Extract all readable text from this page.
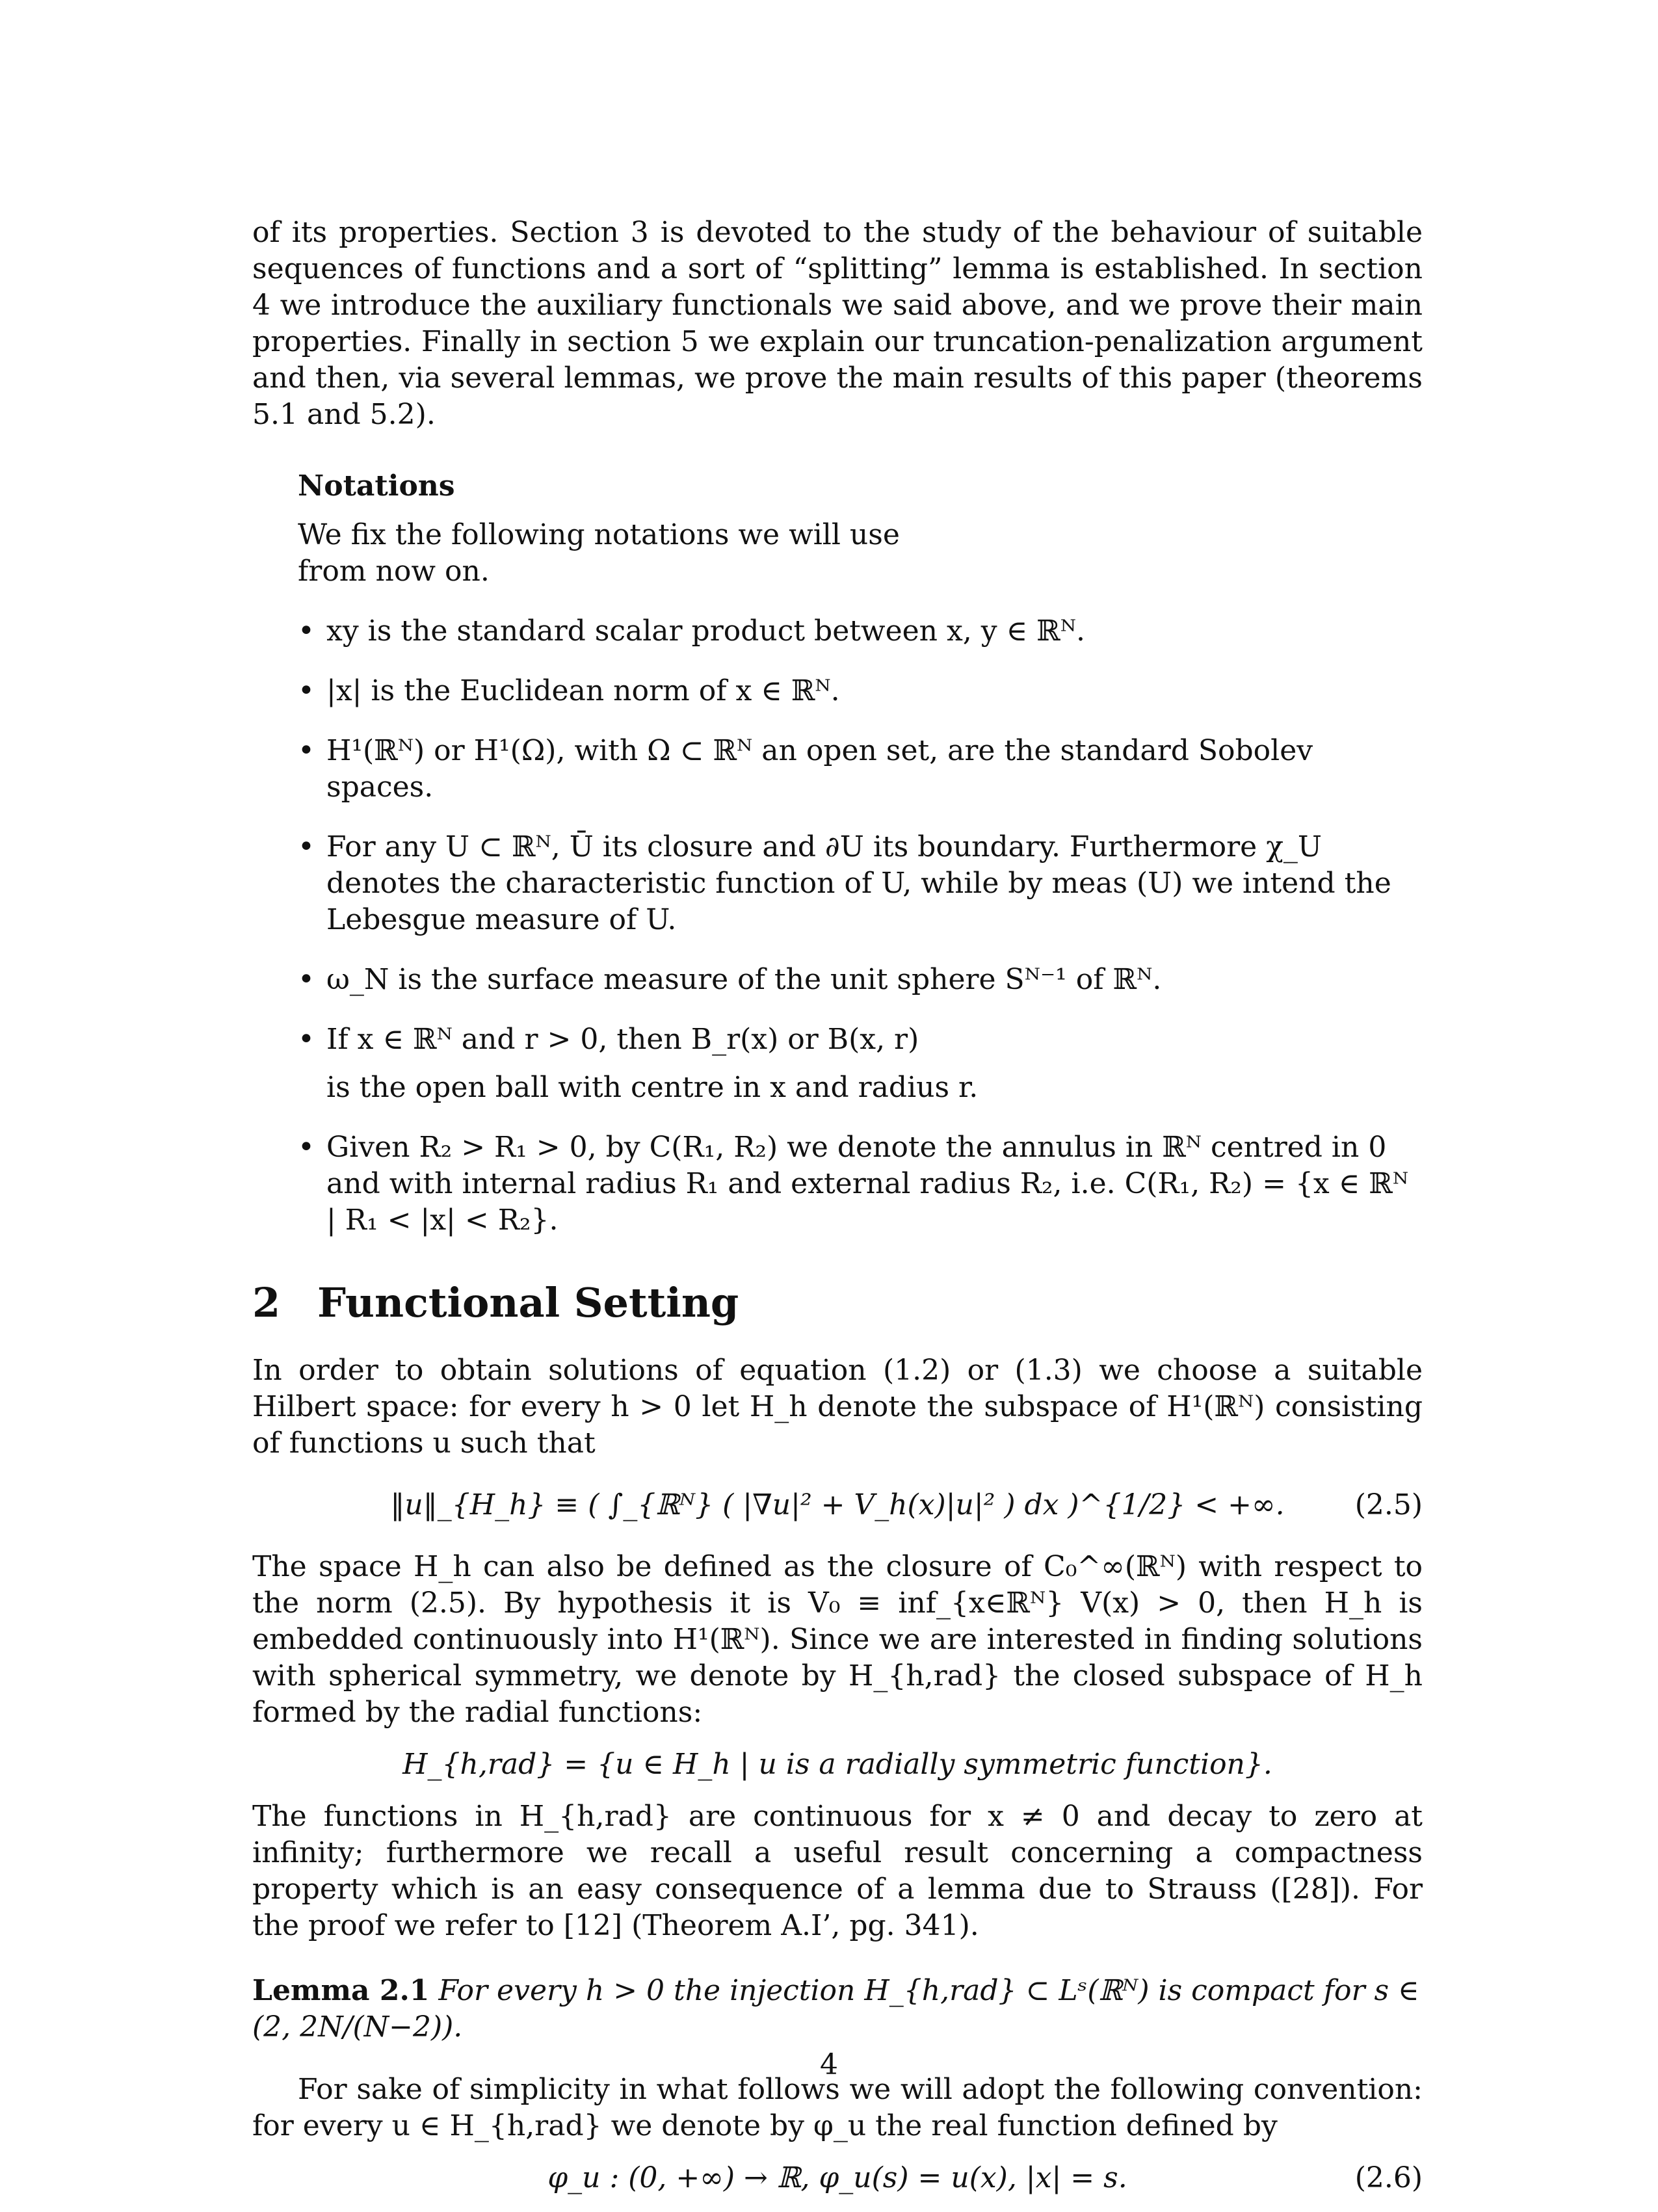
of its properties. Section 3 is devoted to the study of the behaviour of suitable sequences of functions and a sort of “splitting” lemma is established. In section 4 we introduce the auxiliary functionals we said above, and we prove their main properties. Finally in section 5 we explain our truncation-penalization argument and then, via several lemmas, we prove the main results of this paper (theorems 5.1 and 5.2).

Notations

We fix the following notations we will use

from now on.

• xy is the standard scalar product between x, y ∈ ℝᴺ.
• |x| is the Euclidean norm of x ∈ ℝᴺ.
• H¹(ℝᴺ) or H¹(Ω), with Ω ⊂ ℝᴺ an open set, are the standard Sobolev spaces.
• For any U ⊂ ℝᴺ, Ū its closure and ∂U its boundary. Furthermore χ_U denotes the characteristic function of U, while by meas (U) we intend the Lebesgue measure of U.
• ω_N is the surface measure of the unit sphere Sᴺ⁻¹ of ℝᴺ.
• If x ∈ ℝᴺ and r > 0, then B_r(x) or B(x, r)
is the open ball with centre in x and radius r.
• Given R₂ > R₁ > 0, by C(R₁, R₂) we denote the annulus in ℝᴺ centred in 0 and with internal radius R₁ and external radius R₂, i.e. C(R₁, R₂) = {x ∈ ℝᴺ | R₁ < |x| < R₂}.
2 Functional Setting

In order to obtain solutions of equation (1.2) or (1.3) we choose a suitable Hilbert space: for every h > 0 let H_h denote the subspace of H¹(ℝᴺ) consisting of functions u such that

‖u‖_{H_h} ≡ ( ∫_{ℝᴺ} ( |∇u|² + V_h(x)|u|² ) dx )^{1/2} < +∞. (2.5)

The space H_h can also be defined as the closure of C₀^∞(ℝᴺ) with respect to the norm (2.5). By hypothesis it is V₀ ≡ inf_{x∈ℝᴺ} V(x) > 0, then H_h is embedded continuously into H¹(ℝᴺ). Since we are interested in finding solutions with spherical symmetry, we denote by H_{h,rad} the closed subspace of H_h formed by the radial functions:

H_{h,rad} = {u ∈ H_h | u is a radially symmetric function}.

The functions in H_{h,rad} are continuous for x ≠ 0 and decay to zero at infinity; furthermore we recall a useful result concerning a compactness property which is an easy consequence of a lemma due to Strauss ([28]). For the proof we refer to [12] (Theorem A.I’, pg. 341).

Lemma 2.1 For every h > 0 the injection H_{h,rad} ⊂ Lˢ(ℝᴺ) is compact for s ∈ (2, 2N/(N−2)).

For sake of simplicity in what follows we will adopt the following convention: for every u ∈ H_{h,rad} we denote by φ_u the real function defined by

φ_u : (0, +∞) → ℝ, φ_u(s) = u(x), |x| = s.	(2.6)
4
